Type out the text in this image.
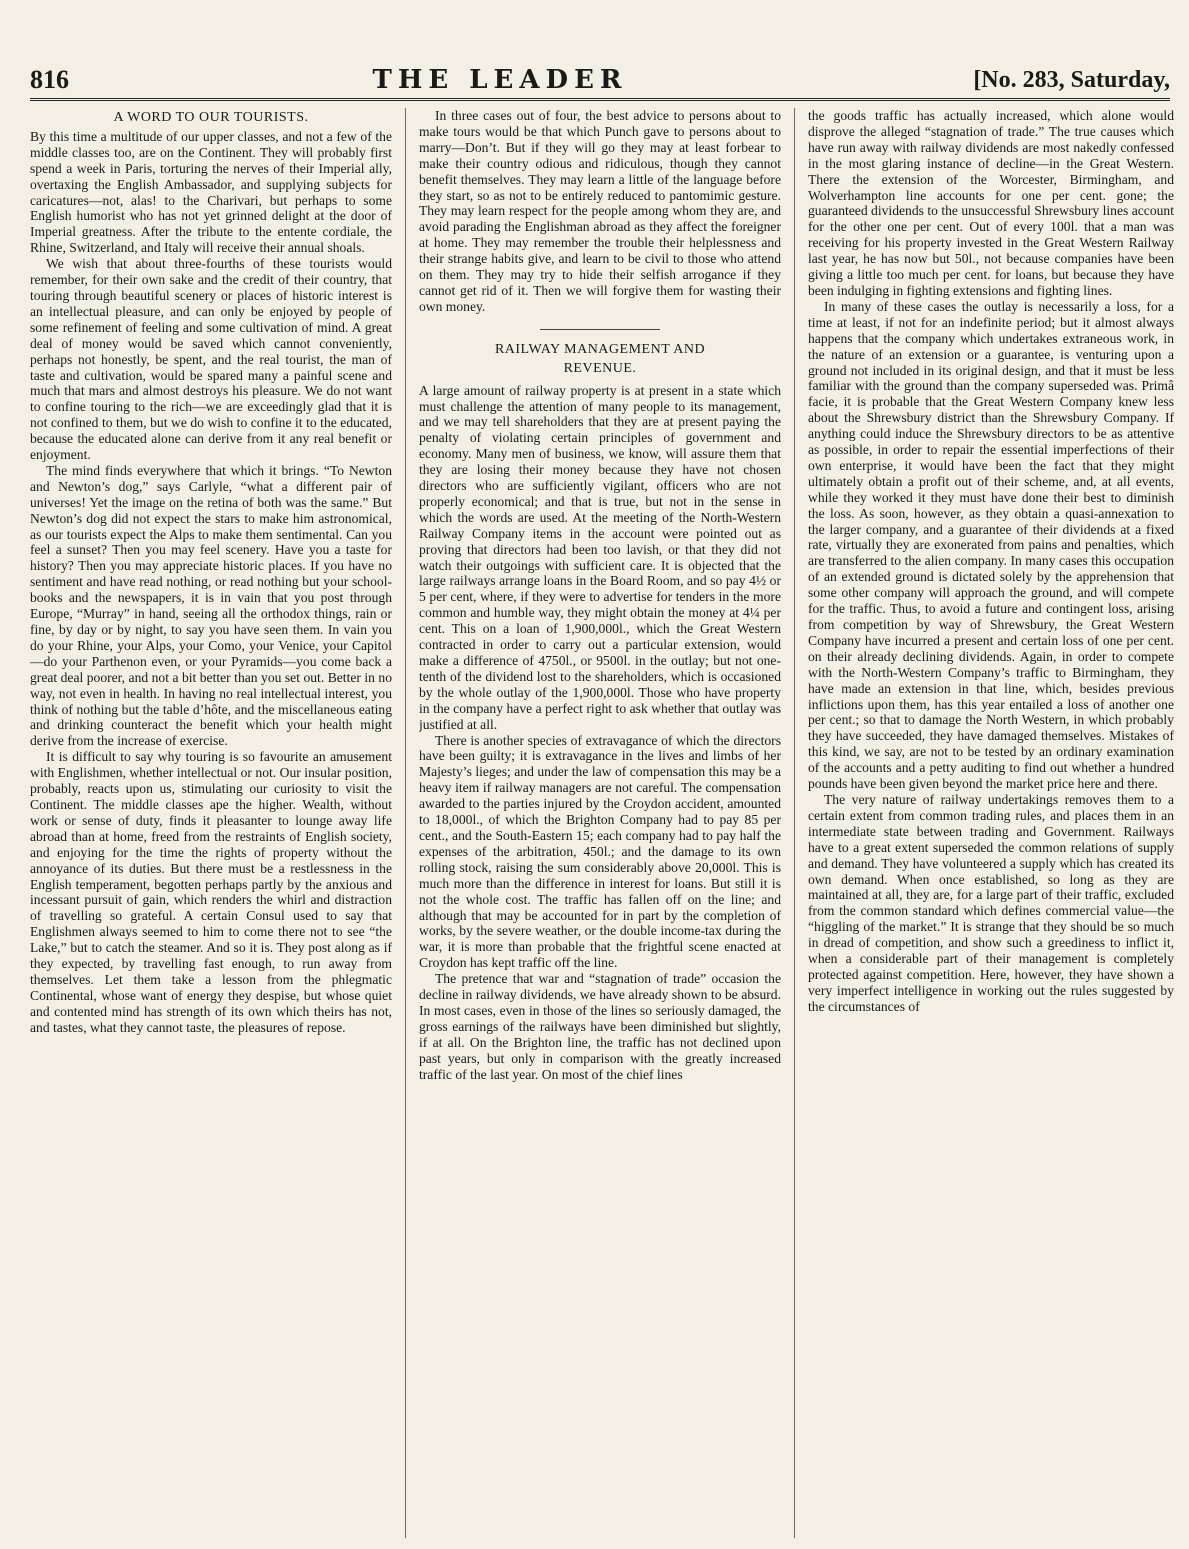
816	THE LEADER	[No. 283, Saturday,
A WORD TO OUR TOURISTS.

By this time a multitude of our upper classes, and not a few of the middle classes too, are on the Continent. They will probably first spend a week in Paris, torturing the nerves of their Imperial ally, overtaxing the English Ambassador, and supplying subjects for caricatures—not, alas! to the Charivari, but perhaps to some English humorist who has not yet grinned delight at the door of Imperial greatness. After the tribute to the entente cordiale, the Rhine, Switzerland, and Italy will receive their annual shoals.

We wish that about three-fourths of these tourists would remember, for their own sake and the credit of their country, that touring through beautiful scenery or places of historic interest is an intellectual pleasure, and can only be enjoyed by people of some refinement of feeling and some cultivation of mind. A great deal of money would be saved which cannot conveniently, perhaps not honestly, be spent, and the real tourist, the man of taste and cultivation, would be spared many a painful scene and much that mars and almost destroys his pleasure. We do not want to confine touring to the rich—we are exceedingly glad that it is not confined to them, but we do wish to confine it to the educated, because the educated alone can derive from it any real benefit or enjoyment.

The mind finds everywhere that which it brings. “To Newton and Newton’s dog,” says Carlyle, “what a different pair of universes! Yet the image on the retina of both was the same.” But Newton’s dog did not expect the stars to make him astronomical, as our tourists expect the Alps to make them sentimental. Can you feel a sunset? Then you may feel scenery. Have you a taste for history? Then you may appreciate historic places. If you have no sentiment and have read nothing, or read nothing but your school-books and the newspapers, it is in vain that you post through Europe, “Murray” in hand, seeing all the orthodox things, rain or fine, by day or by night, to say you have seen them. In vain you do your Rhine, your Alps, your Como, your Venice, your Capitol—do your Parthenon even, or your Pyramids—you come back a great deal poorer, and not a bit better than you set out. Better in no way, not even in health. In having no real intellectual interest, you think of nothing but the table d’hôte, and the miscellaneous eating and drinking counteract the benefit which your health might derive from the increase of exercise.

It is difficult to say why touring is so favourite an amusement with Englishmen, whether intellectual or not. Our insular position, probably, reacts upon us, stimulating our curiosity to visit the Continent. The middle classes ape the higher. Wealth, without work or sense of duty, finds it pleasanter to lounge away life abroad than at home, freed from the restraints of English society, and enjoying for the time the rights of property without the annoyance of its duties. But there must be a restlessness in the English temperament, begotten perhaps partly by the anxious and incessant pursuit of gain, which renders the whirl and distraction of travelling so grateful. A certain Consul used to say that Englishmen always seemed to him to come there not to see “the Lake,” but to catch the steamer. And so it is. They post along as if they expected, by travelling fast enough, to run away from themselves. Let them take a lesson from the phlegmatic Continental, whose want of energy they despise, but whose quiet and contented mind has strength of its own which theirs has not, and tastes, what they cannot taste, the pleasures of repose.

In three cases out of four, the best advice to persons about to make tours would be that which Punch gave to persons about to marry—Don’t. But if they will go they may at least forbear to make their country odious and ridiculous, though they cannot benefit themselves. They may learn a little of the language before they start, so as not to be entirely reduced to pantomimic gesture. They may learn respect for the people among whom they are, and avoid parading the Englishman abroad as they affect the foreigner at home. They may remember the trouble their helplessness and their strange habits give, and learn to be civil to those who attend on them. They may try to hide their selfish arrogance if they cannot get rid of it. Then we will forgive them for wasting their own money.

RAILWAY MANAGEMENT AND
REVENUE.

A large amount of railway property is at present in a state which must challenge the attention of many people to its management, and we may tell shareholders that they are at present paying the penalty of violating certain principles of government and economy. Many men of business, we know, will assure them that they are losing their money because they have not chosen directors who are sufficiently vigilant, officers who are not properly economical; and that is true, but not in the sense in which the words are used. At the meeting of the North-Western Railway Company items in the account were pointed out as proving that directors had been too lavish, or that they did not watch their outgoings with sufficient care. It is objected that the large railways arrange loans in the Board Room, and so pay 4½ or 5 per cent, where, if they were to advertise for tenders in the more common and humble way, they might obtain the money at 4¼ per cent. This on a loan of 1,900,000l., which the Great Western contracted in order to carry out a particular extension, would make a difference of 4750l., or 9500l. in the outlay; but not one-tenth of the dividend lost to the shareholders, which is occasioned by the whole outlay of the 1,900,000l. Those who have property in the company have a perfect right to ask whether that outlay was justified at all.

There is another species of extravagance of which the directors have been guilty; it is extravagance in the lives and limbs of her Majesty’s lieges; and under the law of compensation this may be a heavy item if railway managers are not careful. The compensation awarded to the parties injured by the Croydon accident, amounted to 18,000l., of which the Brighton Company had to pay 85 per cent., and the South-Eastern 15; each company had to pay half the expenses of the arbitration, 450l.; and the damage to its own rolling stock, raising the sum considerably above 20,000l. This is much more than the difference in interest for loans. But still it is not the whole cost. The traffic has fallen off on the line; and although that may be accounted for in part by the completion of works, by the severe weather, or the double income-tax during the war, it is more than probable that the frightful scene enacted at Croydon has kept traffic off the line.

The pretence that war and “stagnation of trade” occasion the decline in railway dividends, we have already shown to be absurd. In most cases, even in those of the lines so seriously damaged, the gross earnings of the railways have been diminished but slightly, if at all. On the Brighton line, the traffic has not declined upon past years, but only in comparison with the greatly increased traffic of the last year. On most of the chief lines

the goods traffic has actually increased, which alone would disprove the alleged “stagnation of trade.” The true causes which have run away with railway dividends are most nakedly confessed in the most glaring instance of decline—in the Great Western. There the extension of the Worcester, Birmingham, and Wolverhampton line accounts for one per cent. gone; the guaranteed dividends to the unsuccessful Shrewsbury lines account for the other one per cent. Out of every 100l. that a man was receiving for his property invested in the Great Western Railway last year, he has now but 50l., not because companies have been giving a little too much per cent. for loans, but because they have been indulging in fighting extensions and fighting lines.

In many of these cases the outlay is necessarily a loss, for a time at least, if not for an indefinite period; but it almost always happens that the company which undertakes extraneous work, in the nature of an extension or a guarantee, is venturing upon a ground not included in its original design, and that it must be less familiar with the ground than the company superseded was. Primâ facie, it is probable that the Great Western Company knew less about the Shrewsbury district than the Shrewsbury Company. If anything could induce the Shrewsbury directors to be as attentive as possible, in order to repair the essential imperfections of their own enterprise, it would have been the fact that they might ultimately obtain a profit out of their scheme, and, at all events, while they worked it they must have done their best to diminish the loss. As soon, however, as they obtain a quasi-annexation to the larger company, and a guarantee of their dividends at a fixed rate, virtually they are exonerated from pains and penalties, which are transferred to the alien company. In many cases this occupation of an extended ground is dictated solely by the apprehension that some other company will approach the ground, and will compete for the traffic. Thus, to avoid a future and contingent loss, arising from competition by way of Shrewsbury, the Great Western Company have incurred a present and certain loss of one per cent. on their already declining dividends. Again, in order to compete with the North-Western Company’s traffic to Birmingham, they have made an extension in that line, which, besides previous inflictions upon them, has this year entailed a loss of another one per cent.; so that to damage the North Western, in which probably they have succeeded, they have damaged themselves. Mistakes of this kind, we say, are not to be tested by an ordinary examination of the accounts and a petty auditing to find out whether a hundred pounds have been given beyond the market price here and there.

The very nature of railway undertakings removes them to a certain extent from common trading rules, and places them in an intermediate state between trading and Government. Railways have to a great extent superseded the common relations of supply and demand. They have volunteered a supply which has created its own demand. When once established, so long as they are maintained at all, they are, for a large part of their traffic, excluded from the common standard which defines commercial value—the “higgling of the market.” It is strange that they should be so much in dread of competition, and show such a greediness to inflict it, when a considerable part of their management is completely protected against competition. Here, however, they have shown a very imperfect intelligence in working out the rules suggested by the circumstances of
